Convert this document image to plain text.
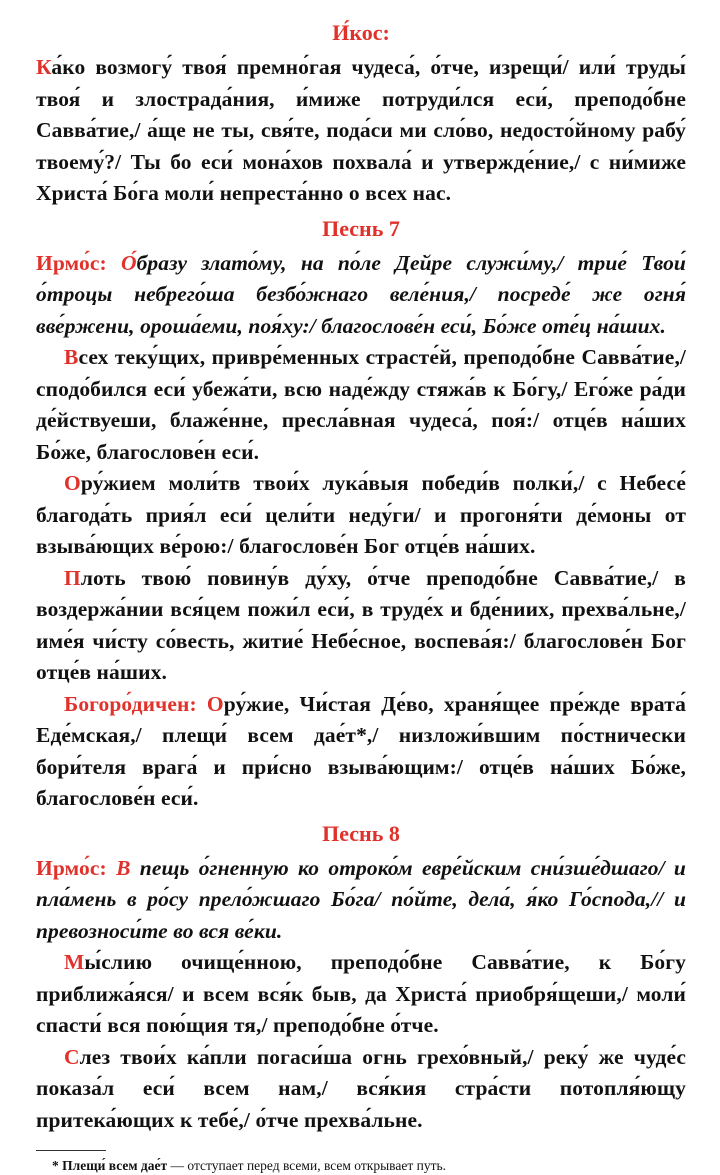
И́кос:

Ка́ко возмогу́ твоя́ премно́гая чудеса́, о́тче, изрещи́/ или́ труды́ твоя́ и злострада́ния, и́миже потруди́лся еси́, преподо́бне Савва́тие,/ а́ще не ты, свя́те, пода́си ми сло́во, недосто́йному рабу́ твоему́?/ Ты бо еси́ мона́хов похвала́ и утвержде́ние,/ с ни́миже Христа́ Бо́га моли́ непреста́нно о всех нас.

Песнь 7

Ирмо́с: О́бразу злато́му, на по́ле Дейре служи́му,/ трие́ Твои́ о́троцы небрего́ша безбо́жнаго веле́ния,/ посреде́ же огня́ вве́ржени, ороша́еми, поя́ху:/ благослове́н еси́, Бо́же оте́ц на́ших.

Всех теку́щих, привре́менных страсте́й, преподо́бне Савва́тие,/ сподо́бился еси́ убежа́ти, всю наде́жду стяжа́в к Бо́гу,/ Его́же ра́ди де́йствуеши, блаже́нне, пресла́вная чудеса́, поя́:/ отце́в на́ших Бо́же, благослове́н еси́.

Ору́жием моли́тв твои́х лука́выя победи́в полки́,/ с Небесе́ благода́ть прия́л еси́ цели́ти неду́ги/ и прогоня́ти де́моны от взыва́ющих ве́рою:/ благослове́н Бог отце́в на́ших.

Плоть твою́ повину́в ду́ху, о́тче преподо́бне Савва́тие,/ в воздержа́нии вся́цем пожи́л еси́, в труде́х и бде́ниих, прехва́льне,/ име́я чи́сту со́весть, житие́ Небе́сное, воспева́я:/ благослове́н Бог отце́в на́ших.

Богоро́дичен: Ору́жие, Чи́стая Де́во, храня́щее пре́жде врата́ Еде́мская,/ плещи́ всем дае́т*,/ низложи́вшим по́стнически бори́теля врага́ и при́сно взыва́ющим:/ отце́в на́ших Бо́же, благослове́н еси́.

Песнь 8

Ирмо́с: В пещь о́гненную ко отроко́м евре́йским сни́зше́дшаго/ и пла́мень в ро́су прело́жшаго Бо́га/ по́йте, дела́, я́ко Го́спода,// и превозноси́те во вся ве́ки.

Мы́слию очище́нною, преподо́бне Савва́тие, к Бо́гу приближа́яся/ и всем вся́к быв, да Христа́ приобря́щеши,/ моли́ спасти́ вся пою́щия тя,/ преподо́бне о́тче.

Слез твои́х ка́пли погаси́ша огнь грехо́вный,/ реку́ же чуде́с показа́л еси́ всем нам,/ вся́кия стра́сти потопля́ющу притека́ющих к тебе́,/ о́тче прехва́льне.

* Плещи́ всем дае́т — отступает перед всеми, всем открывает путь.
